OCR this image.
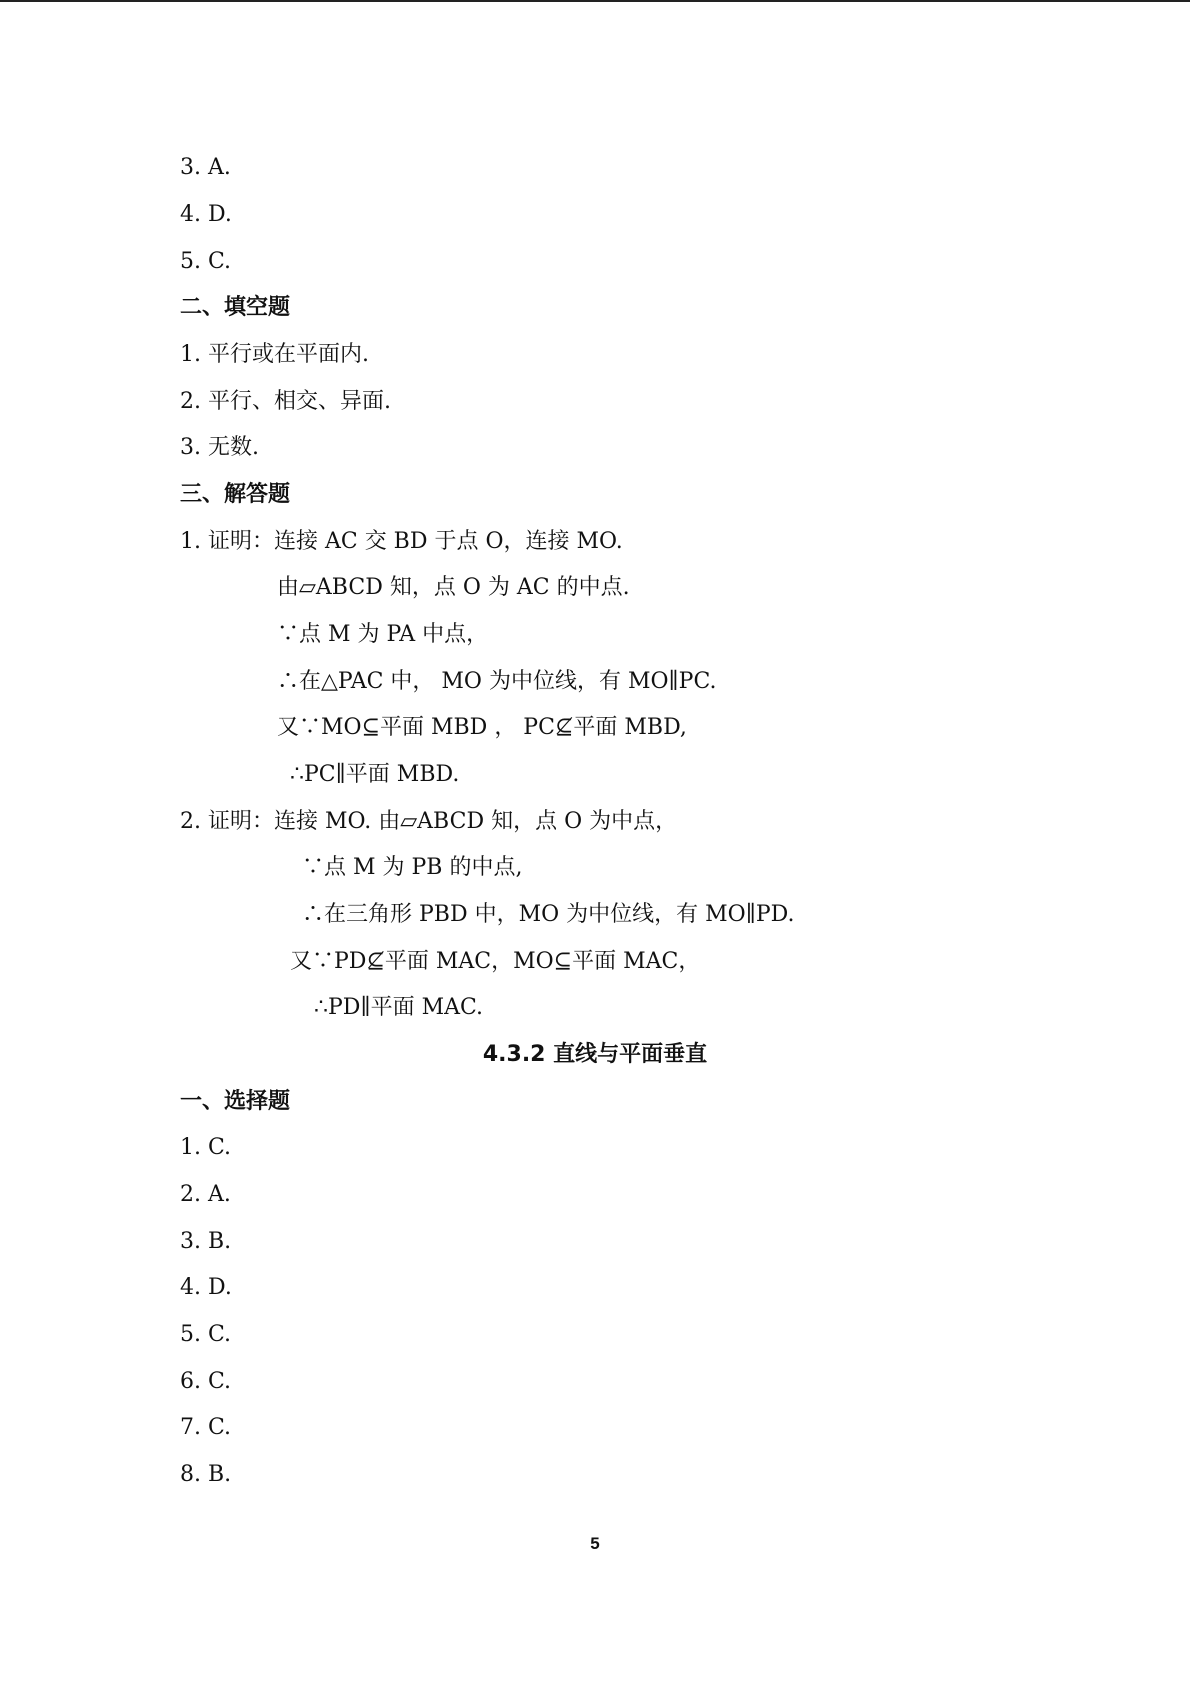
3. A.
4. D.
5. C.
二、填空题
1. 平行或在平面内.
2. 平行、相交、异面.
3. 无数.
三、解答题
1. 证明：连接 AC 交 BD 于点 O，连接 MO.
由▱ABCD 知，点 O 为 AC 的中点.
∵点 M 为 PA 中点，
∴在△PAC 中， MO 为中位线，有 MO∥PC.
又∵MO⊆平面 MBD ， PC⊈平面 MBD,
∴PC∥平面 MBD.
2. 证明：连接 MO. 由▱ABCD 知，点 O 为中点，
∵点 M 为 PB 的中点,
∴在三角形 PBD 中，MO 为中位线，有 MO∥PD.
又∵PD⊈平面 MAC，MO⊆平面 MAC，
∴PD∥平面 MAC.
4.3.2 直线与平面垂直
一、选择题
1. C.
2. A.
3. B.
4. D.
5. C.
6. C.
7. C.
8. B.
5
